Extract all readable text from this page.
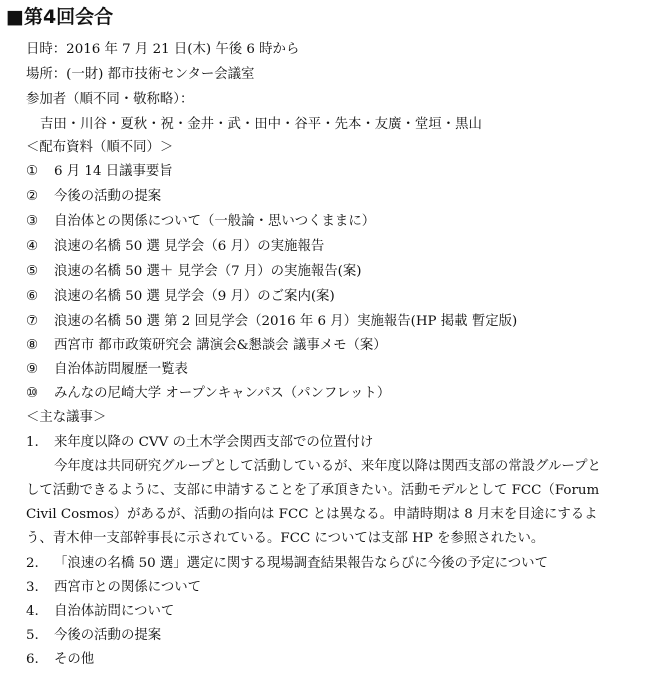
■第4回会合
日時：2016 年 7 月 21 日(木) 午後 6 時から
場所：(一財) 都市技術センター会議室
参加者（順不同・敬称略）：
吉田・川谷・夏秋・祝・金井・武・田中・谷平・先本・友廣・堂垣・黒山
＜配布資料（順不同）＞
①	6 月 14 日議事要旨
②	今後の活動の提案
③	自治体との関係について（一般論・思いつくままに）
④	浪速の名橋 50 選 見学会（6 月）の実施報告
⑤	浪速の名橋 50 選＋ 見学会（7 月）の実施報告(案)
⑥	浪速の名橋 50 選 見学会（9 月）のご案内(案)
⑦	浪速の名橋 50 選 第 2 回見学会（2016 年 6 月）実施報告(HP 掲載 暫定版)
⑧	西宮市 都市政策研究会 講演会&懇談会 議事メモ（案）
⑨	自治体訪問履歴一覧表
⑩	みんなの尼崎大学 オープンキャンパス（パンフレット）
＜主な議事＞
1.	来年度以降の CVV の土木学会関西支部での位置付け
今年度は共同研究グループとして活動しているが、来年度以降は関西支部の常設グループと
して活動できるように、支部に申請することを了承頂きたい。活動モデルとして FCC（Forum
Civil Cosmos）があるが、活動の指向は FCC とは異なる。申請時期は 8 月末を目途にするよ
う、青木伸一支部幹事長に示されている。FCC については支部 HP を参照されたい。
2.	「浪速の名橋 50 選」選定に関する現場調査結果報告ならびに今後の予定について
3.	西宮市との関係について
4.	自治体訪問について
5.	今後の活動の提案
6.	その他
